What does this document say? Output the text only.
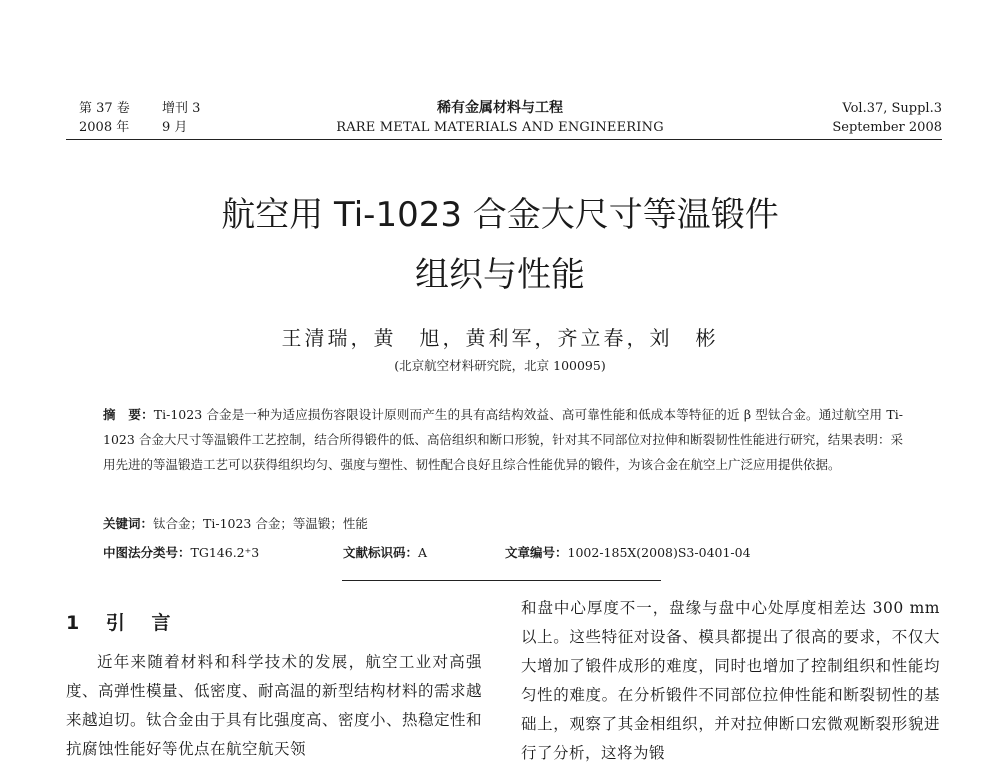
第 37 卷 增刊 3
2008 年	9 月
稀有金属材料与工程
RARE METAL MATERIALS AND ENGINEERING
Vol.37, Suppl.3
September 2008
航空用 Ti-1023 合金大尺寸等温锻件
组织与性能
王清瑞，黄　旭，黄利军，齐立春，刘　彬
(北京航空材料研究院，北京 100095)
摘　要：Ti-1023 合金是一种为适应损伤容限设计原则而产生的具有高结构效益、高可靠性能和低成本等特征的近 β 型钛合金。通过航空用 Ti-1023 合金大尺寸等温锻件工艺控制，结合所得锻件的低、高倍组织和断口形貌，针对其不同部位对拉伸和断裂韧性性能进行研究，结果表明：采用先进的等温锻造工艺可以获得组织均匀、强度与塑性、韧性配合良好且综合性能优异的锻件，为该合金在航空上广泛应用提供依据。
关键词：钛合金；Ti-1023 合金；等温锻；性能
中图法分类号：TG146.2⁺3	文献标识码：A	文章编号：1002-185X(2008)S3-0401-04
1 引 言
近年来随着材料和科学技术的发展，航空工业对高强度、高弹性模量、低密度、耐高温的新型结构材料的需求越来越迫切。钛合金由于具有比强度高、密度小、热稳定性和抗腐蚀性能好等优点在航空航天领
和盘中心厚度不一，盘缘与盘中心处厚度相差达 300 mm 以上。这些特征对设备、模具都提出了很高的要求，不仅大大增加了锻件成形的难度，同时也增加了控制组织和性能均匀性的难度。在分析锻件不同部位拉伸性能和断裂韧性的基础上，观察了其金相组织，并对拉伸断口宏微观断裂形貌进行了分析，这将为锻
